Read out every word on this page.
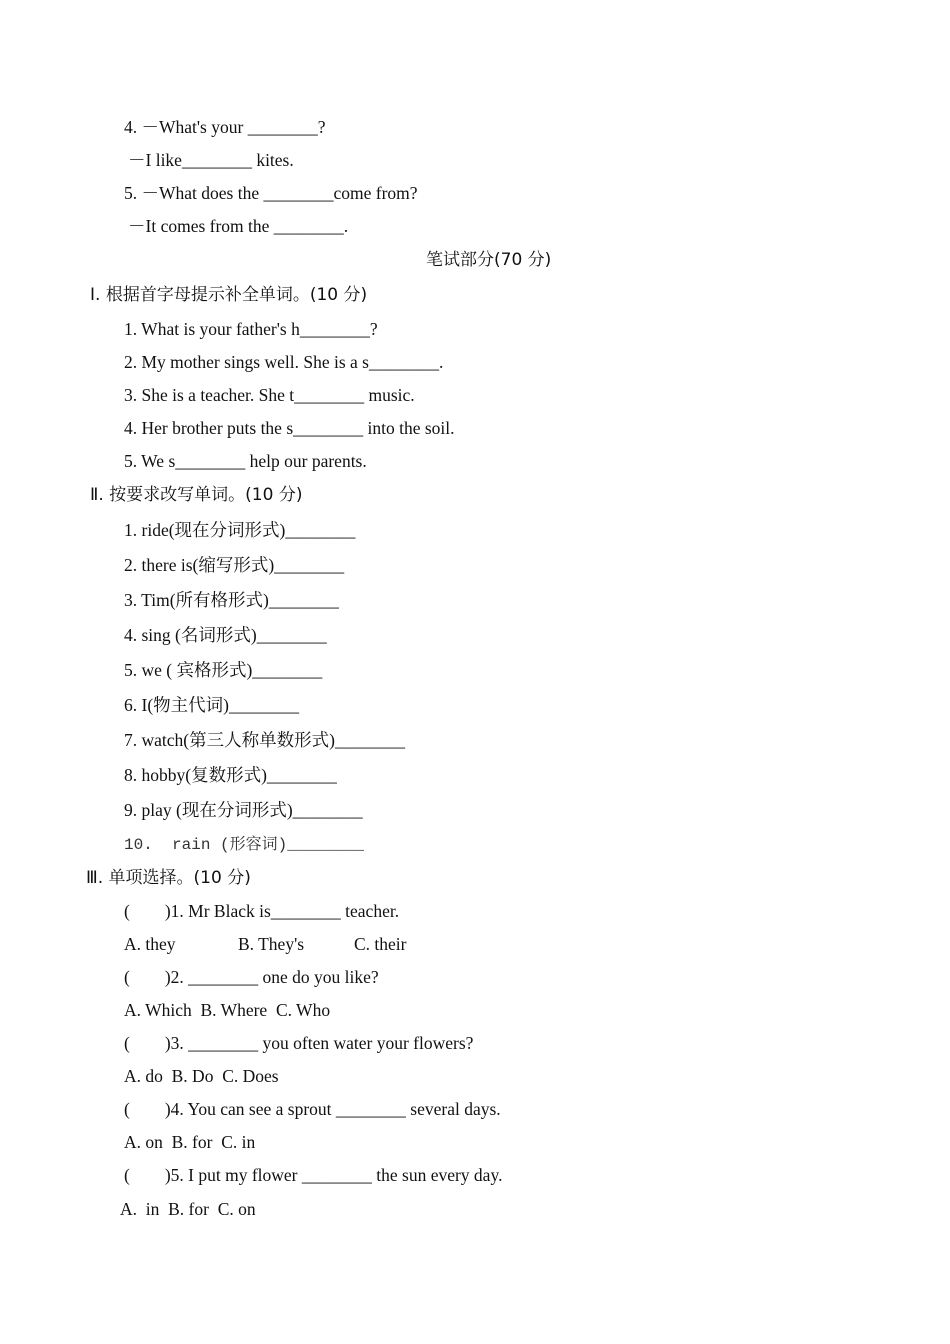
4. －What's your ________?
－I like________ kites.
5. －What does the ________come from?
－It comes from the ________.
笔试部分(70 分)
Ⅰ. 根据首字母提示补全单词。(10 分)
1. What is your father's h________?
2. My mother sings well. She is a s________.
3. She is a teacher. She t________ music.
4. Her brother puts the s________ into the soil.
5. We s________ help our parents.
Ⅱ. 按要求改写单词。(10 分)
1. ride(现在分词形式)________
2. there is(缩写形式)________
3. Tim(所有格形式)________
4. sing (名词形式)________
5. we ( 宾格形式)________
6. I(物主代词)________
7. watch(第三人称单数形式)________
8. hobby(复数形式)________
9. play (现在分词形式)________
10.  rain (形容词)________
Ⅲ. 单项选择。(10 分)
(        )1. Mr Black is________ teacher.
A. they	B. They's	C. their
(        )2. ________ one do you like?
A. Which  B. Where  C. Who
(        )3. ________ you often water your flowers?
A. do  B. Do  C. Does
(        )4. You can see a sprout ________ several days.
A. on  B. for  C. in
(        )5. I put my flower ________ the sun every day.
A.  in  B. for  C. on
